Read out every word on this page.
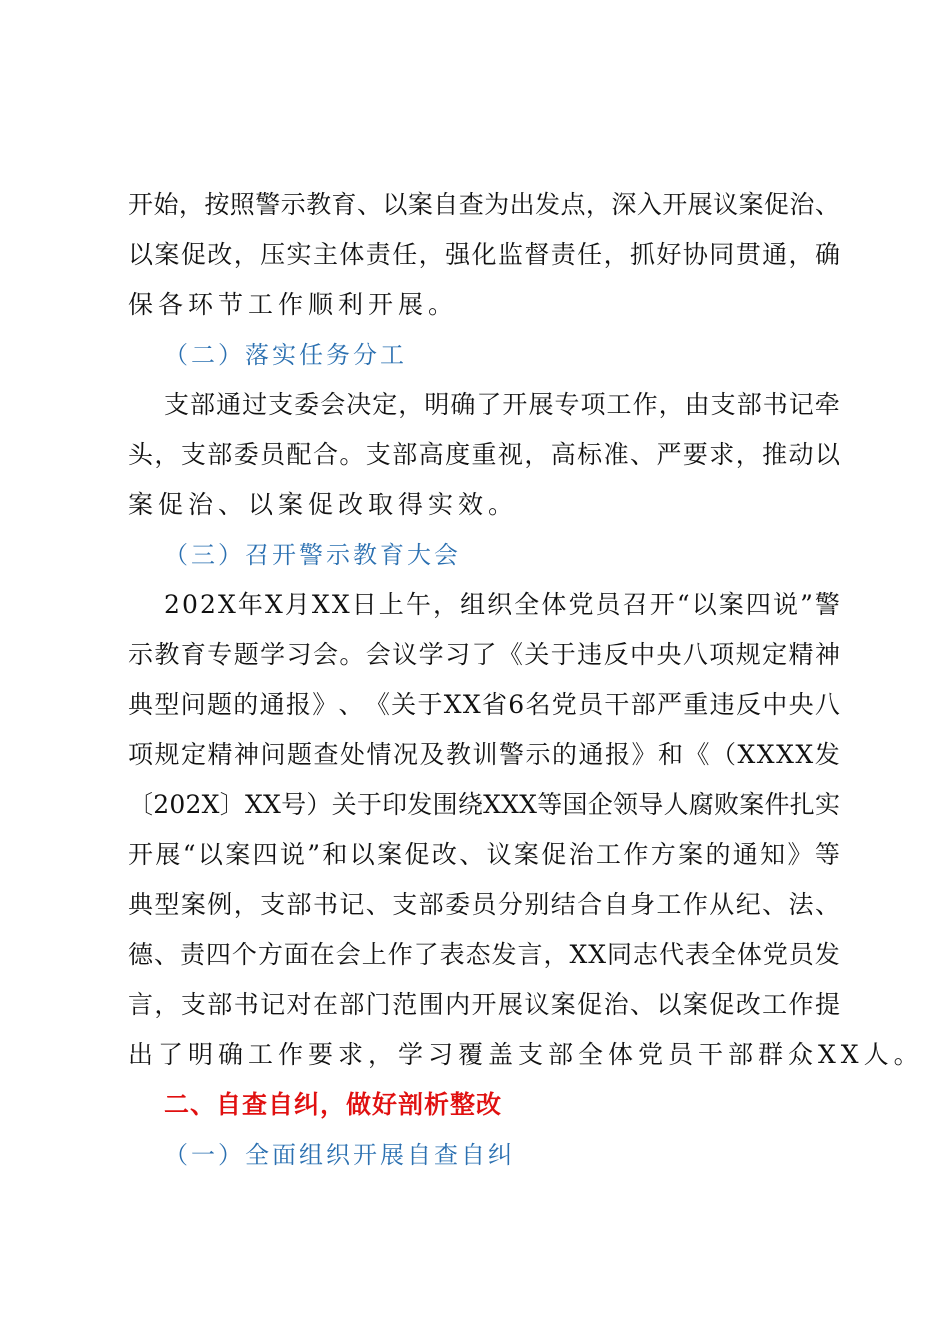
开 始 ， 按 照 警 示 教 育 、 以 案 自 查 为 出 发 点 ， 深 入 开 展 议 案 促 治 、
以 案 促 改 ， 压 实 主 体 责 任 ， 强 化 监 督 责 任 ， 抓 好 协 同 贯 通 ， 确
保各环节工作顺利开展。
（二）落实任务分工
支 部 通 过 支 委 会 决 定 ， 明 确 了 开 展 专 项 工 作 ， 由 支 部 书 记 牵
头 ， 支 部 委 员 配 合 。 支 部 高 度 重 视 ， 高 标 准 、 严 要 求 ， 推 动 以
案促治、以案促改取得实效。
（三）召开警示教育大会
2 0 2 X 年 X 月 X X 日 上 午 ， 组 织 全 体 党 员 召 开 “ 以 案 四 说 ” 警
示 教 育 专 题 学 习 会 。 会 议 学 习 了 《 关 于 违 反 中 央 八 项 规 定 精 神
典 型 问 题 的 通 报 》 、 《 关 于 X X 省 6 名 党 员 干 部 严 重 违 反 中 央 八
项 规 定 精 神 问 题 查 处 情 况 及 教 训 警 示 的 通 报 》 和 《 （ X X X X 发
〔 2 0 2 X 〕 X X 号 ） 关 于 印 发 围 绕 X X X 等 国 企 领 导 人 腐 败 案 件 扎 实
开 展 “ 以 案 四 说 ” 和 以 案 促 改 、 议 案 促 治 工 作 方 案 的 通 知 》 等
典 型 案 例 ， 支 部 书 记 、 支 部 委 员 分 别 结 合 自 身 工 作 从 纪 、 法 、
德 、 责 四 个 方 面 在 会 上 作 了 表 态 发 言 ， X X 同 志 代 表 全 体 党 员 发
言 ， 支 部 书 记 对 在 部 门 范 围 内 开 展 议 案 促 治 、 以 案 促 改 工 作 提
出了明确工作要求，学习覆盖支部全体党员干部群众XX人。
二、自查自纠，做好剖析整改
（一）全面组织开展自查自纠
